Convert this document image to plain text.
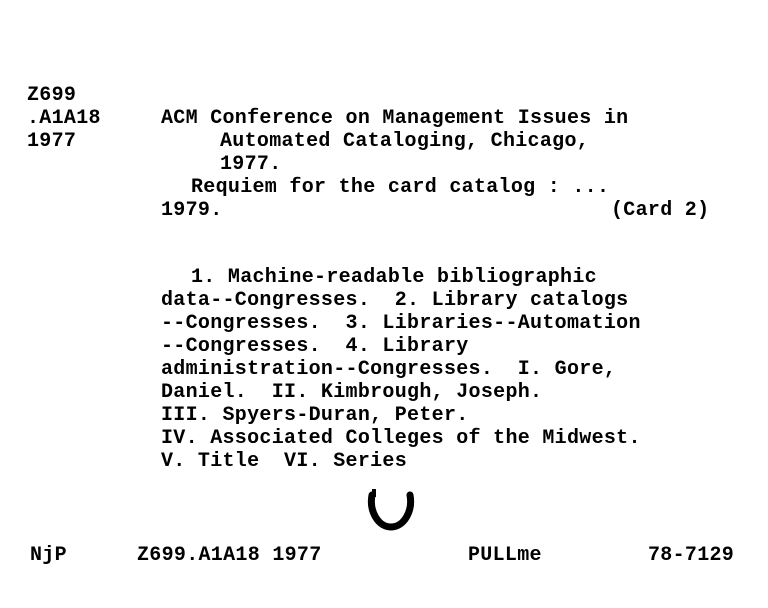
Z699
.A1A18
1977
ACM Conference on Management Issues in
Automated Cataloging, Chicago,
1977.
Requiem for the card catalog : ...
1979.	(Card 2)
1. Machine-readable bibliographic
data--Congresses.  2. Library catalogs
--Congresses.  3. Libraries--Automation
--Congresses.  4. Library
administration--Congresses.  I. Gore,
Daniel.  II. Kimbrough, Joseph.
III. Spyers-Duran, Peter.
IV. Associated Colleges of the Midwest.
V. Title  VI. Series
NjP	Z699.A1A18 1977	PULLme	78-7129
